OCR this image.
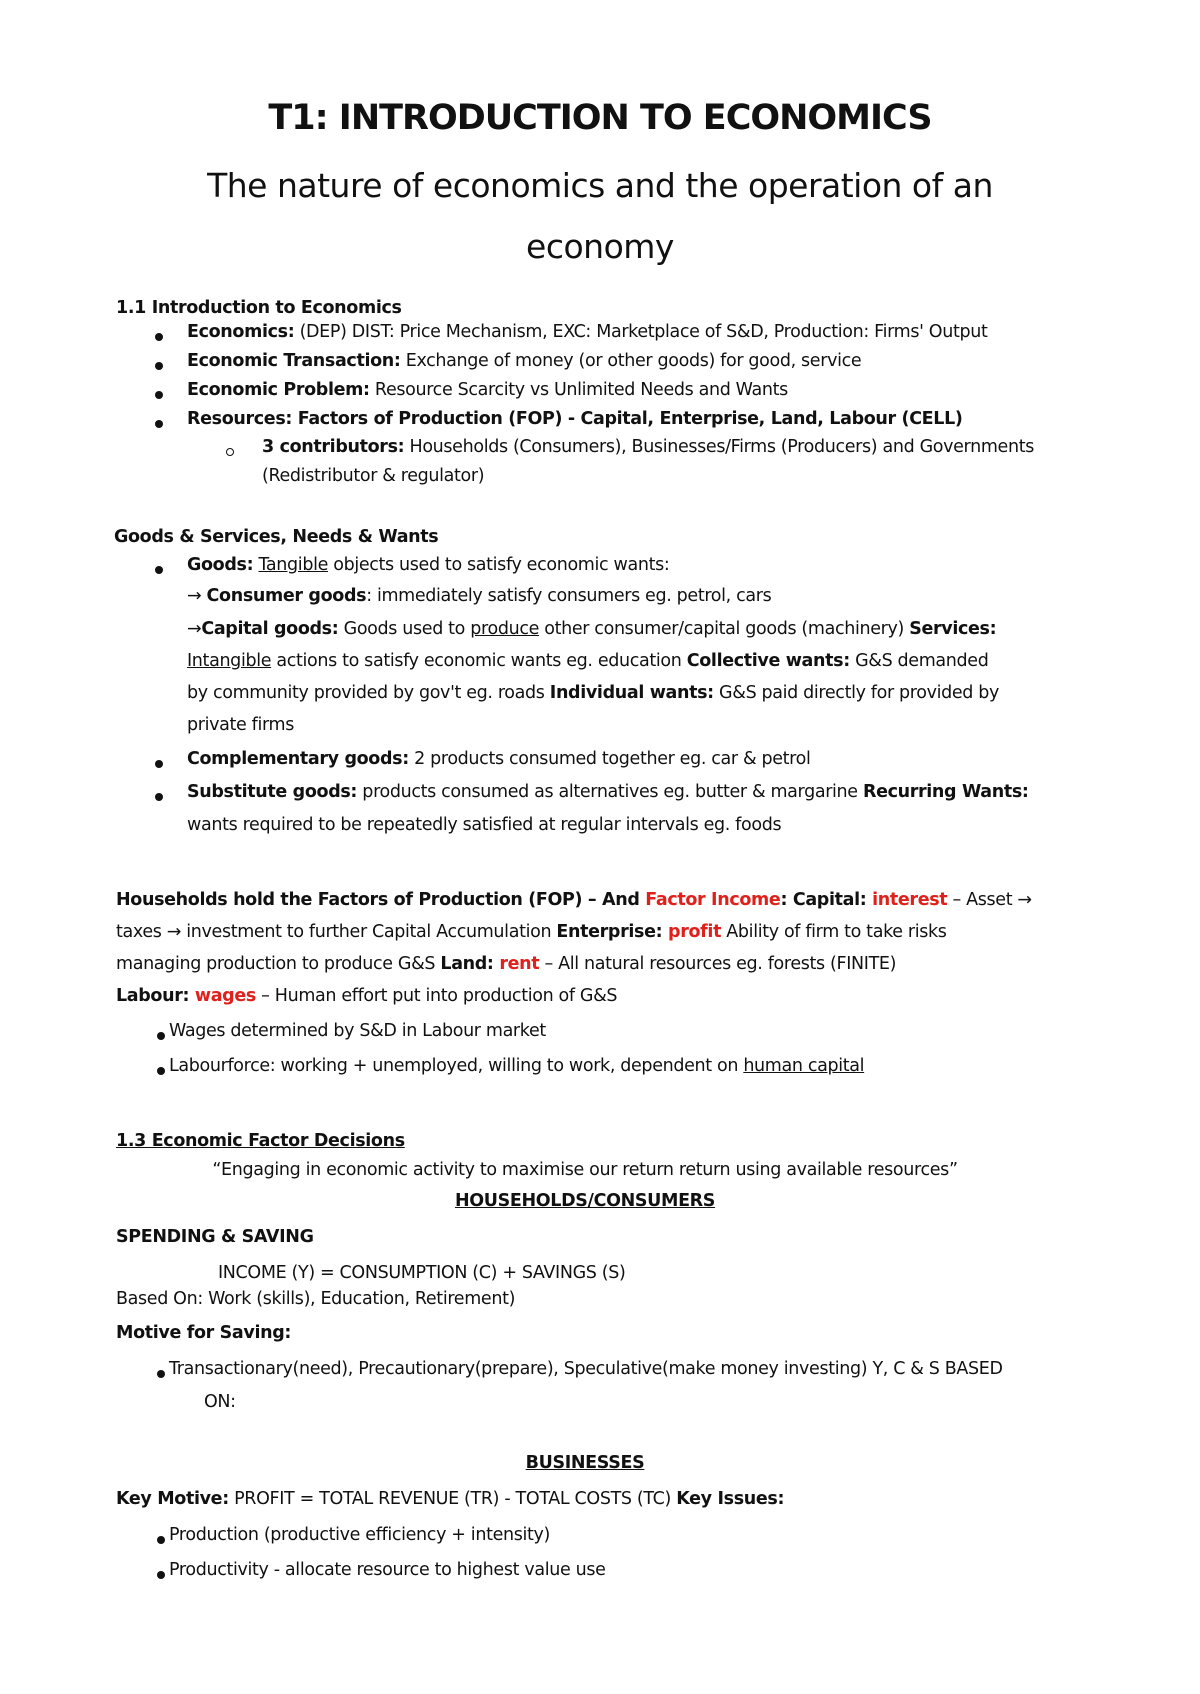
T1: INTRODUCTION TO ECONOMICS
The nature of economics and the operation of an
economy
1.1 Introduction to Economics
Economics: (DEP) DIST: Price Mechanism, EXC: Marketplace of S&D, Production: Firms' Output
Economic Transaction: Exchange of money (or other goods) for good, service
Economic Problem: Resource Scarcity vs Unlimited Needs and Wants
Resources: Factors of Production (FOP) - Capital, Enterprise, Land, Labour (CELL)
3 contributors: Households (Consumers), Businesses/Firms (Producers) and Governments
(Redistributor & regulator)
Goods & Services, Needs & Wants
Goods: Tangible objects used to satisfy economic wants:
→ Consumer goods: immediately satisfy consumers eg. petrol, cars
→Capital goods: Goods used to produce other consumer/capital goods (machinery) Services:
Intangible actions to satisfy economic wants eg. education Collective wants: G&S demanded
by community provided by gov't eg. roads Individual wants: G&S paid directly for provided by
private firms
Complementary goods: 2 products consumed together eg. car & petrol
Substitute goods: products consumed as alternatives eg. butter & margarine Recurring Wants:
wants required to be repeatedly satisfied at regular intervals eg. foods
Households hold the Factors of Production (FOP) – And Factor Income: Capital: interest – Asset →
taxes → investment to further Capital Accumulation Enterprise: profit Ability of firm to take risks
managing production to produce G&S Land: rent – All natural resources eg. forests (FINITE)
Labour: wages – Human effort put into production of G&S
Wages determined by S&D in Labour market
Labourforce: working + unemployed, willing to work, dependent on human capital
1.3 Economic Factor Decisions
“Engaging in economic activity to maximise our return return using available resources”
HOUSEHOLDS/CONSUMERS
SPENDING & SAVING
INCOME (Y) = CONSUMPTION (C) + SAVINGS (S)
Based On: Work (skills), Education, Retirement)
Motive for Saving:
Transactionary(need), Precautionary(prepare), Speculative(make money investing) Y, C & S BASED
ON:
BUSINESSES
Key Motive: PROFIT = TOTAL REVENUE (TR) - TOTAL COSTS (TC) Key Issues:
Production (productive efficiency + intensity)
Productivity - allocate resource to highest value use
